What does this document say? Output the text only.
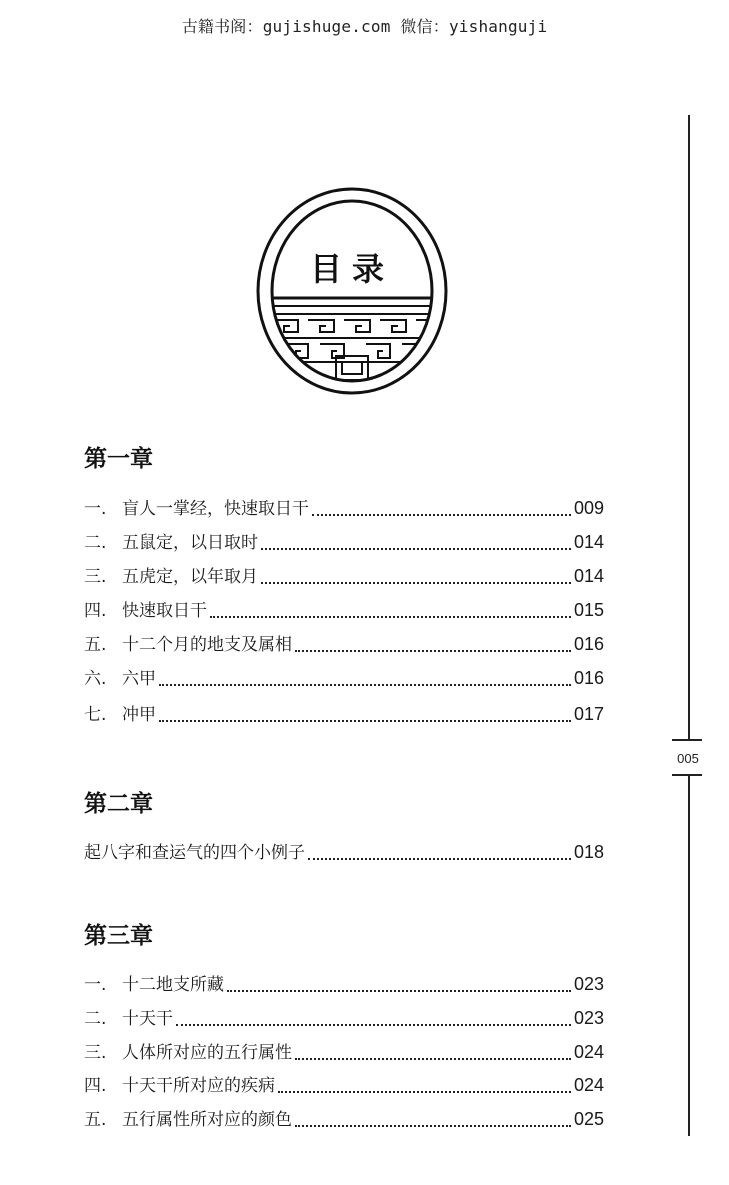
古籍书阁：gujishuge.com 微信：yishanguji
目录
005
第一章
一. 盲人一掌经，快速取日干	009
二. 五鼠定，以日取时	014
三. 五虎定，以年取月	014
四. 快速取日干	015
五. 十二个月的地支及属相	016
六. 六甲	016
七. 冲甲	017
第二章
起八字和查运气的四个小例子	018
第三章
一. 十二地支所藏	023
二. 十天干	023
三. 人体所对应的五行属性	024
四. 十天干所对应的疾病	024
五. 五行属性所对应的颜色	025
